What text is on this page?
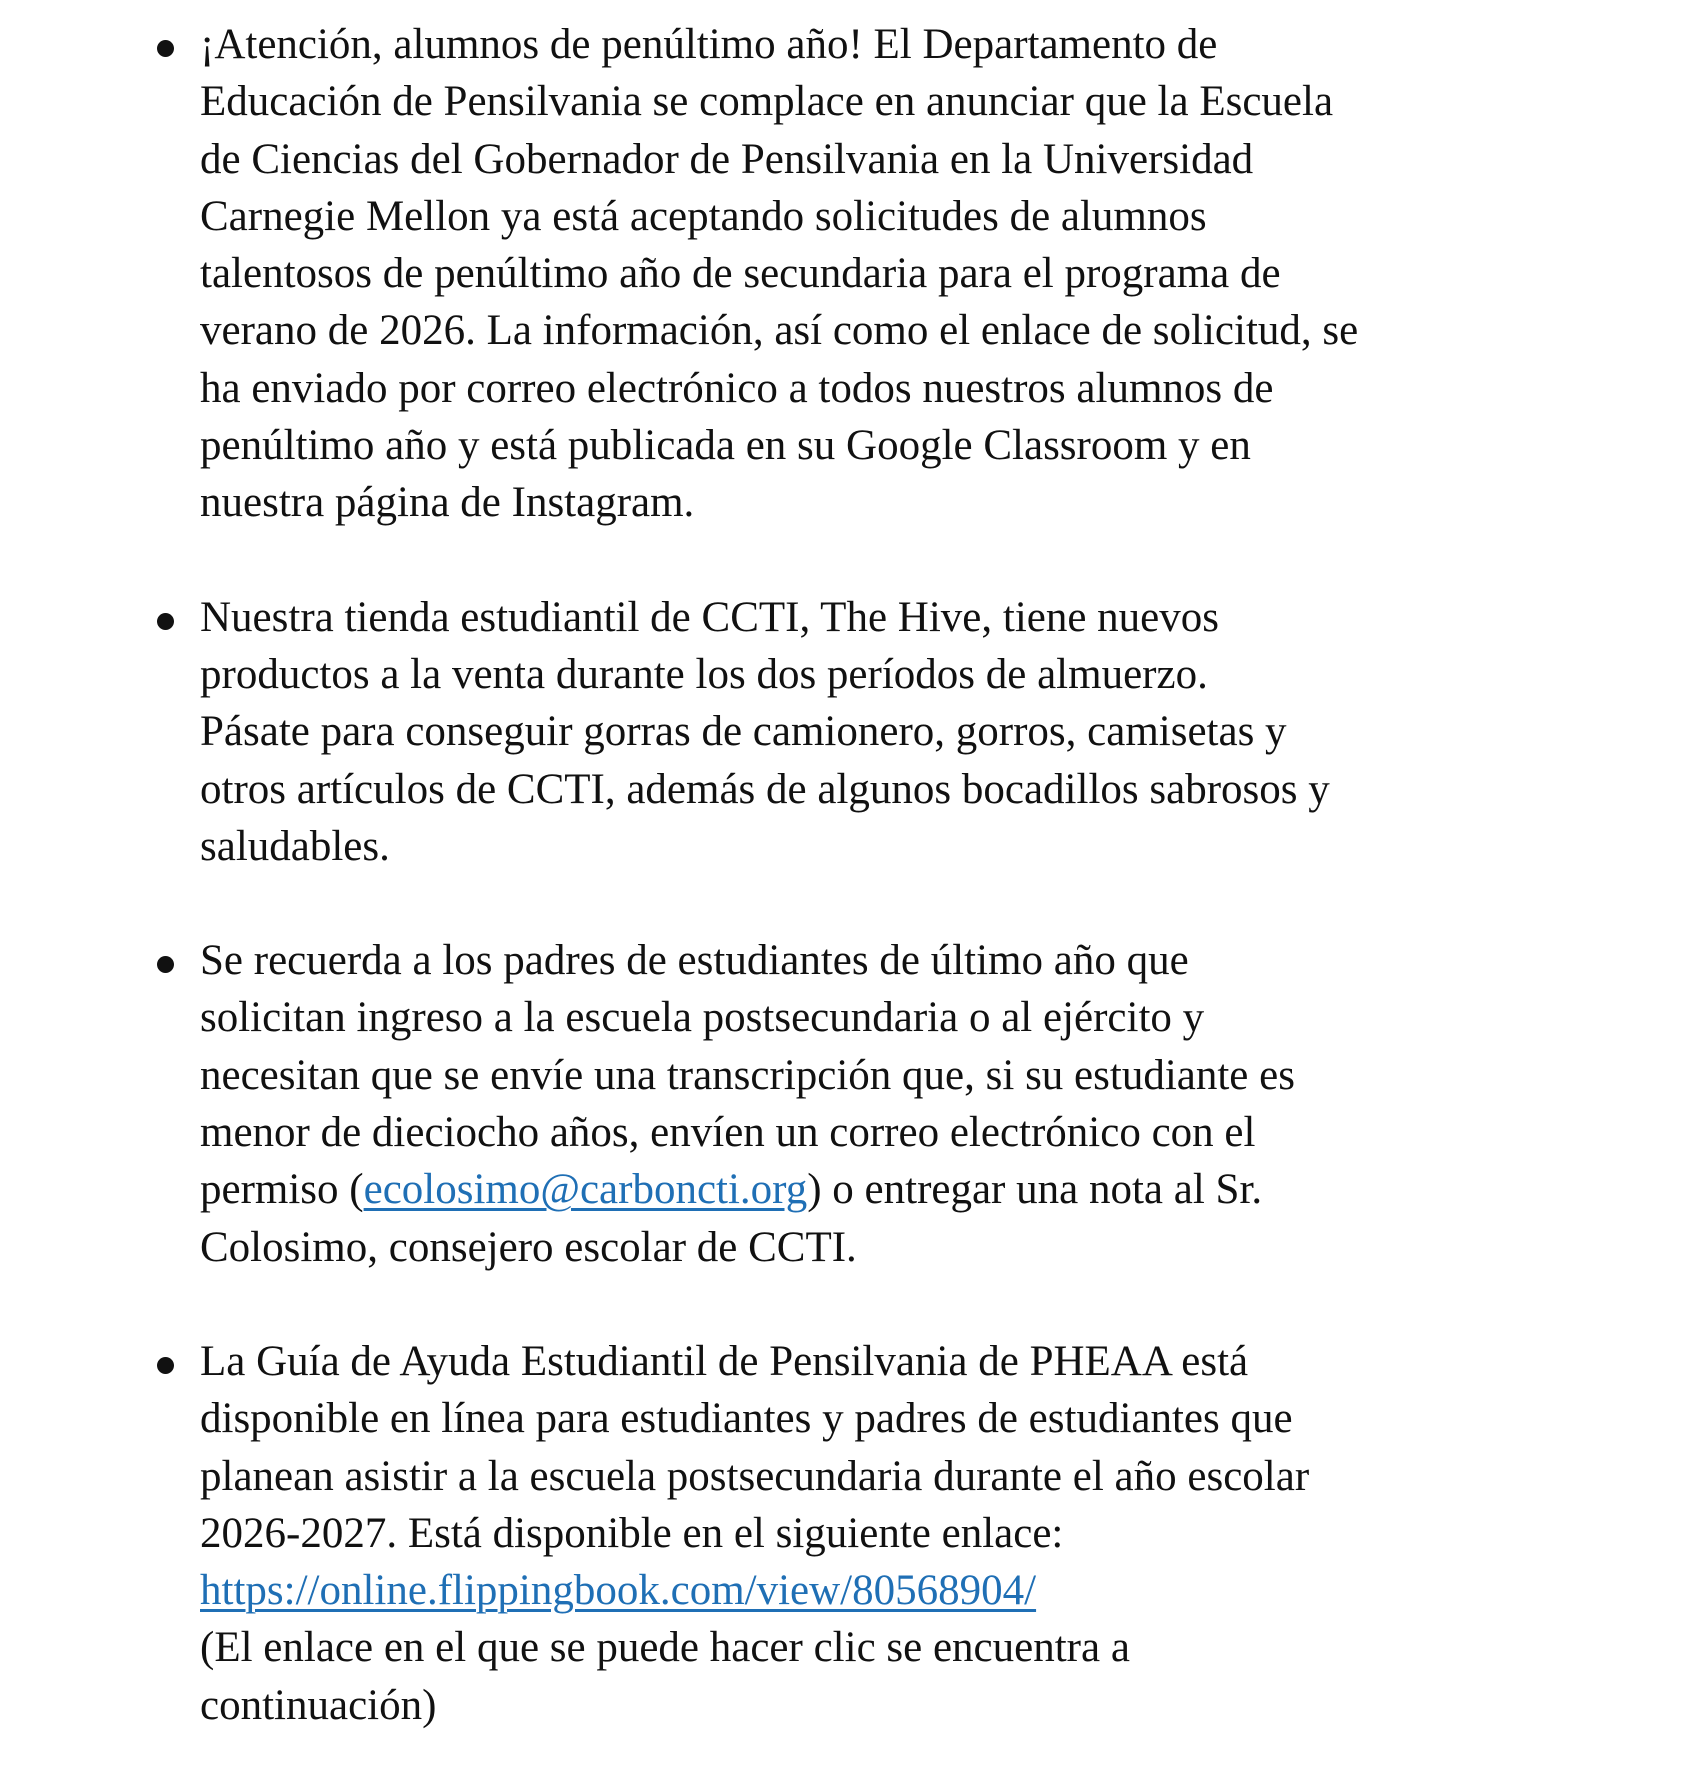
¡Atención, alumnos de penúltimo año! El Departamento de
Educación de Pensilvania se complace en anunciar que la Escuela
de Ciencias del Gobernador de Pensilvania en la Universidad
Carnegie Mellon ya está aceptando solicitudes de alumnos
talentosos de penúltimo año de secundaria para el programa de
verano de 2026. La información, así como el enlace de solicitud, se
ha enviado por correo electrónico a todos nuestros alumnos de
penúltimo año y está publicada en su Google Classroom y en
nuestra página de Instagram.
Nuestra tienda estudiantil de CCTI, The Hive, tiene nuevos
productos a la venta durante los dos períodos de almuerzo.
Pásate para conseguir gorras de camionero, gorros, camisetas y
otros artículos de CCTI, además de algunos bocadillos sabrosos y
saludables.
Se recuerda a los padres de estudiantes de último año que
solicitan ingreso a la escuela postsecundaria o al ejército y
necesitan que se envíe una transcripción que, si su estudiante es
menor de dieciocho años, envíen un correo electrónico con el
permiso (ecolosimo@carboncti.org) o entregar una nota al Sr.
Colosimo, consejero escolar de CCTI.
La Guía de Ayuda Estudiantil de Pensilvania de PHEAA está
disponible en línea para estudiantes y padres de estudiantes que
planean asistir a la escuela postsecundaria durante el año escolar
2026-2027. Está disponible en el siguiente enlace:
https://online.flippingbook.com/view/80568904/
(El enlace en el que se puede hacer clic se encuentra a
continuación)
